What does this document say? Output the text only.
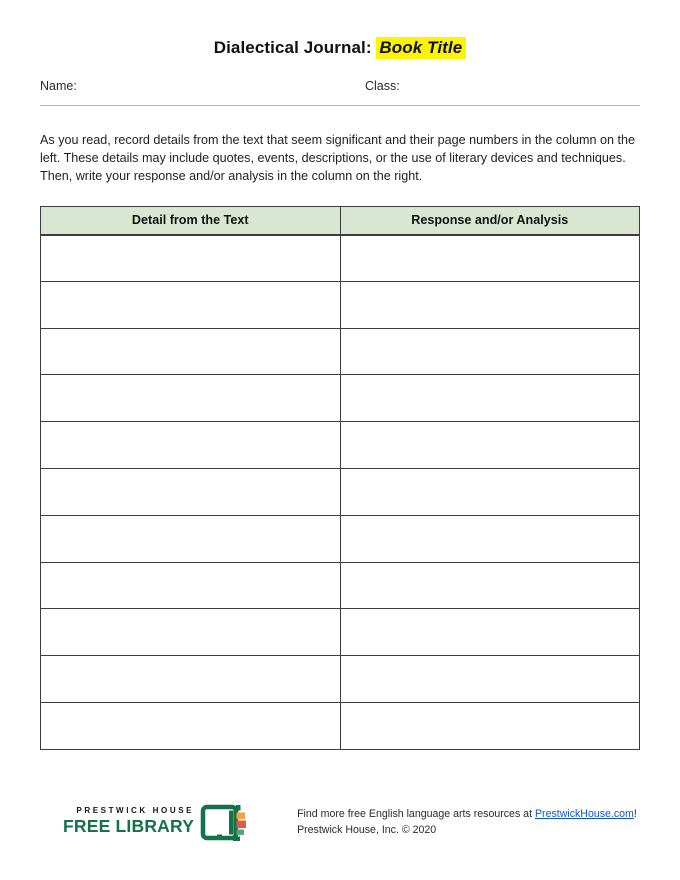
Dialectical Journal: Book Title
Name:	Class:

As you read, record details from the text that seem significant and their page numbers in the column on the left. These details may include quotes, events, descriptions, or the use of literary devices and techniques. Then, write your response and/or analysis in the column on the right.

Detail from the Text	Response and/or Analysis

PRESTWICK HOUSE
FREE LIBRARY
Find more free English language arts resources at PrestwickHouse.com!
Prestwick House, Inc. © 2020
